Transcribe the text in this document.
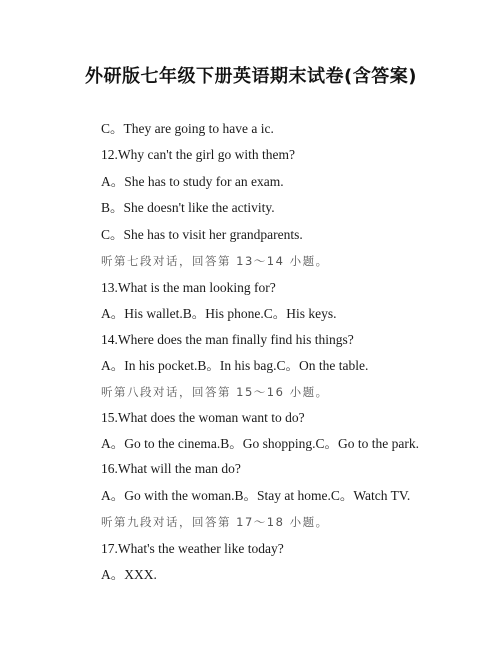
外研版七年级下册英语期末试卷(含答案)
C。They are going to have a ic.
12.Why can't the girl go with them?
A。She has to study for an exam.
B。She doesn't like the activity.
C。She has to visit her grandparents.
听第七段对话，回答第 13～14 小题。
13.What is the man looking for?
A。His wallet.B。His phone.C。His keys.
14.Where does the man finally find his things?
A。In his pocket.B。In his bag.C。On the table.
听第八段对话，回答第 15～16 小题。
15.What does the woman want to do?
A。Go to the cinema.B。Go shopping.C。Go to the park.
16.What will the man do?
A。Go with the woman.B。Stay at home.C。Watch TV.
听第九段对话，回答第 17～18 小题。
17.What's the weather like today?
A。XXX.
